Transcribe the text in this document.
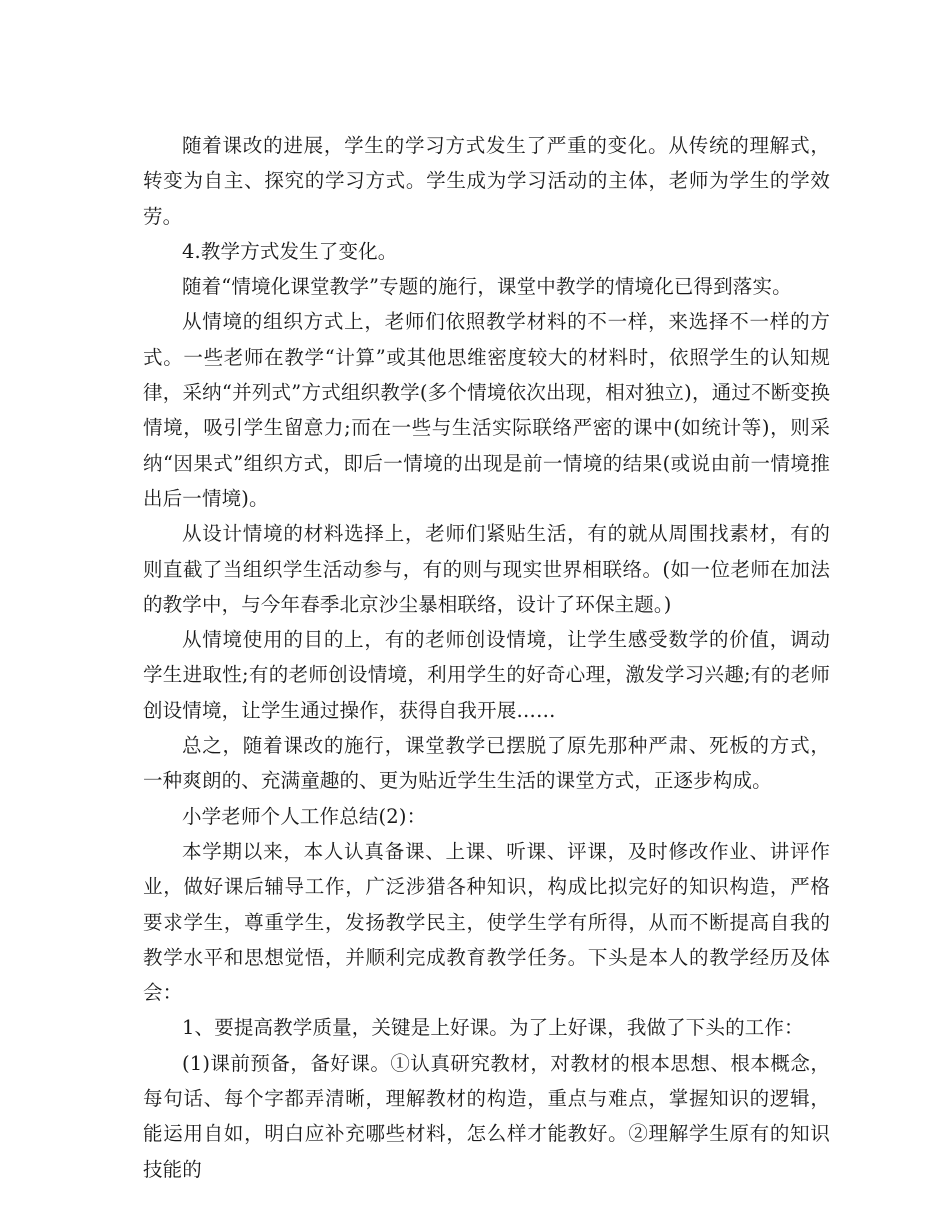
随着课改的进展，学生的学习方式发生了严重的变化。从传统的理解式，转变为自主、探究的学习方式。学生成为学习活动的主体，老师为学生的学效劳。

4.教学方式发生了变化。

随着“情境化课堂教学”专题的施行，课堂中教学的情境化已得到落实。

从情境的组织方式上，老师们依照教学材料的不一样，来选择不一样的方式。一些老师在教学“计算”或其他思维密度较大的材料时，依照学生的认知规律，采纳“并列式”方式组织教学(多个情境依次出现，相对独立)，通过不断变换情境，吸引学生留意力;而在一些与生活实际联络严密的课中(如统计等)，则采纳“因果式”组织方式，即后一情境的出现是前一情境的结果(或说由前一情境推出后一情境)。

从设计情境的材料选择上，老师们紧贴生活，有的就从周围找素材，有的则直截了当组织学生活动参与，有的则与现实世界相联络。(如一位老师在加法的教学中，与今年春季北京沙尘暴相联络，设计了环保主题。)

从情境使用的目的上，有的老师创设情境，让学生感受数学的价值，调动学生进取性;有的老师创设情境，利用学生的好奇心理，激发学习兴趣;有的老师创设情境，让学生通过操作，获得自我开展……

总之，随着课改的施行，课堂教学已摆脱了原先那种严肃、死板的方式，一种爽朗的、充满童趣的、更为贴近学生生活的课堂方式，正逐步构成。

小学老师个人工作总结(2)：

本学期以来，本人认真备课、上课、听课、评课，及时修改作业、讲评作业，做好课后辅导工作，广泛涉猎各种知识，构成比拟完好的知识构造，严格要求学生，尊重学生，发扬教学民主，使学生学有所得，从而不断提高自我的教学水平和思想觉悟，并顺利完成教育教学任务。下头是本人的教学经历及体会：

1、要提高教学质量，关键是上好课。为了上好课，我做了下头的工作：

(1)课前预备，备好课。①认真研究教材，对教材的根本思想、根本概念，每句话、每个字都弄清晰，理解教材的构造，重点与难点，掌握知识的逻辑，能运用自如，明白应补充哪些材料，怎么样才能教好。②理解学生原有的知识技能的
